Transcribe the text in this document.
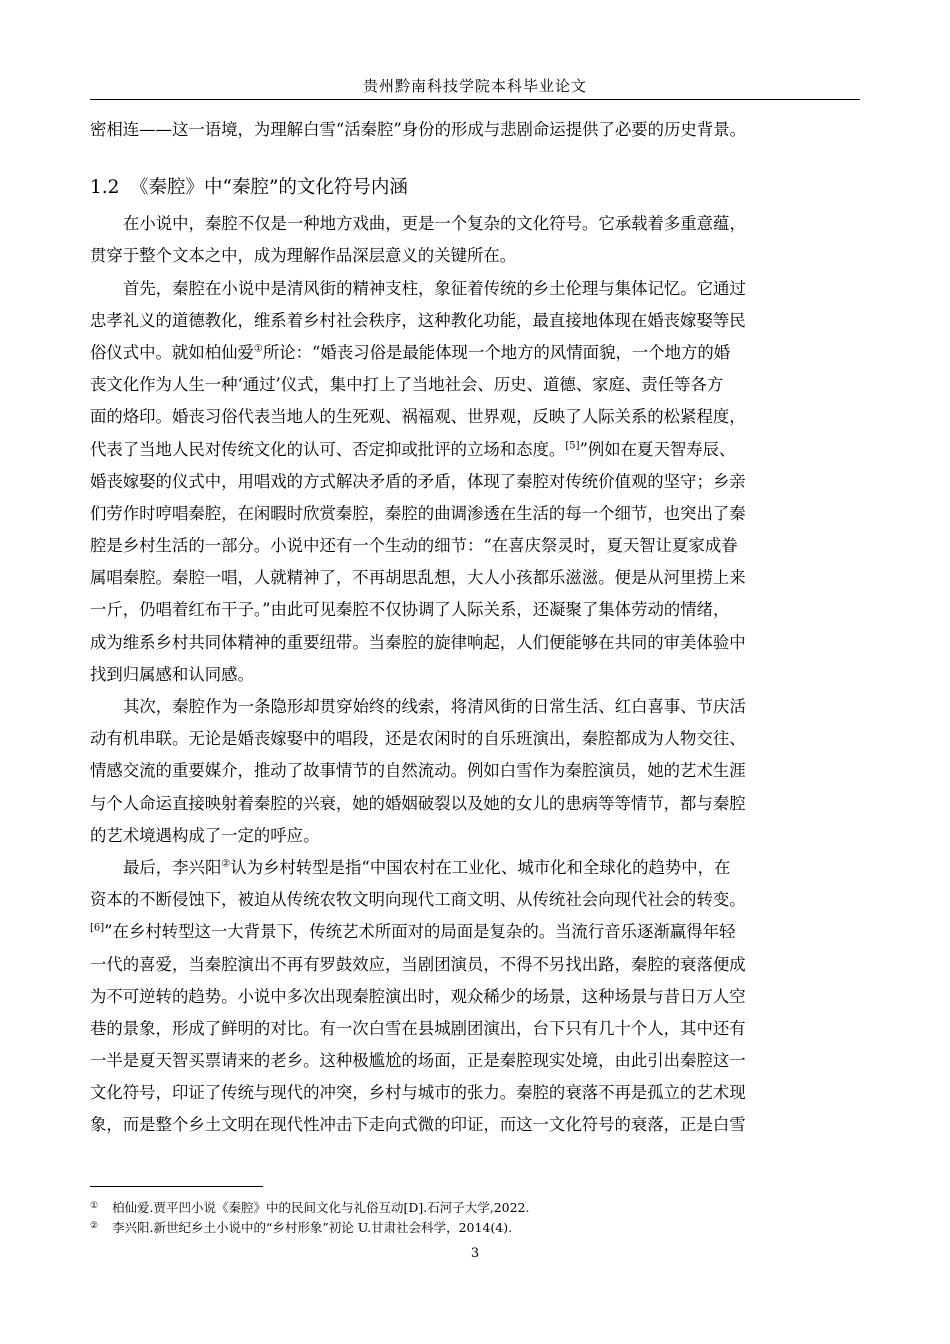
贵州黔南科技学院本科毕业论文
密相连——这一语境，为理解白雪“活秦腔”身份的形成与悲剧命运提供了必要的历史背景。
1.2 《秦腔》中“秦腔”的文化符号内涵
在小说中，秦腔不仅是一种地方戏曲，更是一个复杂的文化符号。它承载着多重意蕴，
贯穿于整个文本之中，成为理解作品深层意义的关键所在。
首先，秦腔在小说中是清风街的精神支柱，象征着传统的乡土伦理与集体记忆。它通过
忠孝礼义的道德教化，维系着乡村社会秩序，这种教化功能，最直接地体现在婚丧嫁娶等民
俗仪式中。就如柏仙爱①所论：“婚丧习俗是最能体现一个地方的风情面貌，一个地方的婚
丧文化作为人生一种‘通过’仪式，集中打上了当地社会、历史、道德、家庭、责任等各方
面的烙印。婚丧习俗代表当地人的生死观、祸福观、世界观，反映了人际关系的松紧程度，
代表了当地人民对传统文化的认可、否定抑或批评的立场和态度。[5]”例如在夏天智寿辰、
婚丧嫁娶的仪式中，用唱戏的方式解决矛盾的矛盾，体现了秦腔对传统价值观的坚守；乡亲
们劳作时哼唱秦腔，在闲暇时欣赏秦腔，秦腔的曲调渗透在生活的每一个细节，也突出了秦
腔是乡村生活的一部分。小说中还有一个生动的细节：“在喜庆祭灵时，夏天智让夏家成眷
属唱秦腔。秦腔一唱，人就精神了，不再胡思乱想，大人小孩都乐滋滋。便是从河里捞上来
一斤，仍唱着红布干子。”由此可见秦腔不仅协调了人际关系，还凝聚了集体劳动的情绪，
成为维系乡村共同体精神的重要纽带。当秦腔的旋律响起，人们便能够在共同的审美体验中
找到归属感和认同感。
其次，秦腔作为一条隐形却贯穿始终的线索，将清风街的日常生活、红白喜事、节庆活
动有机串联。无论是婚丧嫁娶中的唱段，还是农闲时的自乐班演出，秦腔都成为人物交往、
情感交流的重要媒介，推动了故事情节的自然流动。例如白雪作为秦腔演员，她的艺术生涯
与个人命运直接映射着秦腔的兴衰，她的婚姻破裂以及她的女儿的患病等等情节，都与秦腔
的艺术境遇构成了一定的呼应。
最后，李兴阳②认为乡村转型是指“中国农村在工业化、城市化和全球化的趋势中，在
资本的不断侵蚀下，被迫从传统农牧文明向现代工商文明、从传统社会向现代社会的转变。
[6]”在乡村转型这一大背景下，传统艺术所面对的局面是复杂的。当流行音乐逐渐赢得年轻
一代的喜爱，当秦腔演出不再有罗鼓效应，当剧团演员，不得不另找出路，秦腔的衰落便成
为不可逆转的趋势。小说中多次出现秦腔演出时，观众稀少的场景，这种场景与昔日万人空
巷的景象，形成了鲜明的对比。有一次白雪在县城剧团演出，台下只有几十个人，其中还有
一半是夏天智买票请来的老乡。这种极尴尬的场面，正是秦腔现实处境，由此引出秦腔这一
文化符号，印证了传统与现代的冲突，乡村与城市的张力。秦腔的衰落不再是孤立的艺术现
象，而是整个乡土文明在现代性冲击下走向式微的印证，而这一文化符号的衰落，正是白雪
① 柏仙爱.贾平凹小说《秦腔》中的民间文化与礼俗互动[D].石河子大学,2022.
② 李兴阳.新世纪乡土小说中的“乡村形象”初论 U.甘肃社会科学，2014(4).
3
